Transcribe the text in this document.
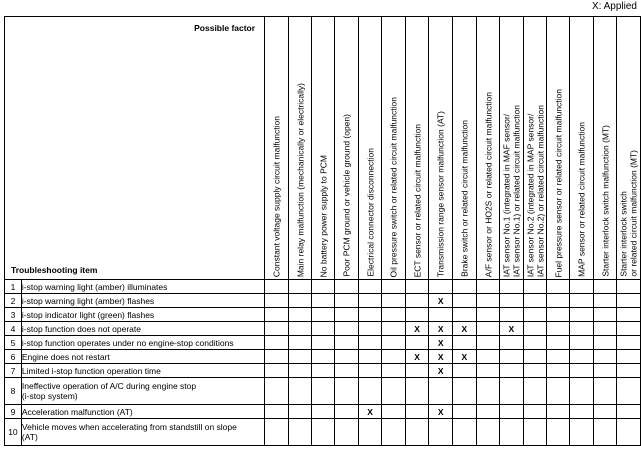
X: Applied
Possible factor
Troubleshooting item		Constant voltage supply circuit malfunction	Main relay malfunction (mechanically or electrically)	No battery power supply to PCM	Poor PCM ground or vehicle ground (open)	Electrical connector disconnection	Oil pressure switch or related circuit malfunction	ECT sensor or related circuit malfunction	Transmission range sensor malfunction (AT)	Brake switch or related circuit malfunction	A/F sensor or HO2S or related circuit malfunction	IAT sensor No.1 (integrated in MAF sensor/
IAT sensor No.1) or related circuit malfunction	IAT sensor No.2 (integrated in MAP sensor/
IAT sensor No.2) or related circuit malfunction	Fuel pressure sensor or related circuit malfunction	MAP sensor or related circuit malfunction	Starter interlock switch malfunction (MT)	Starter interlock switch
or related circuit malfunction (MT)

1	i-stop warning light (amber) illuminates																
2	i-stop warning light (amber) flashes								X								
3	i-stop indicator light (green) flashes																
4	i-stop function does not operate							X	X	X		X					
5	i-stop function operates under no engine-stop conditions								X								
6	Engine does not restart							X	X	X							
7	Limited i-stop function operation time								X								
8	Ineffective operation of A/C during engine stop
(i-stop system)																
9	Acceleration malfunction (AT)					X			X								
10	Vehicle moves when accelerating from standstill on slope
(AT)																
